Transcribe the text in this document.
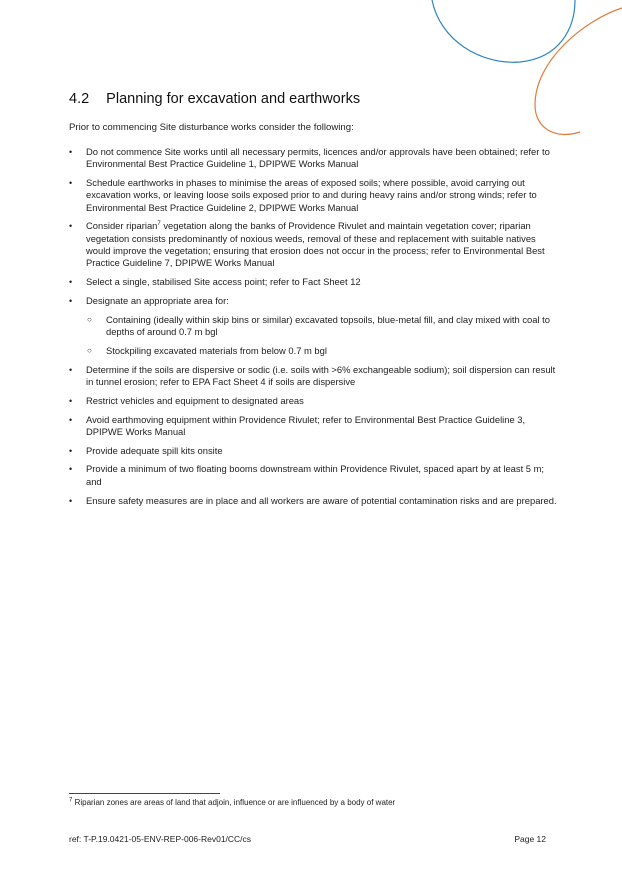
4.2 Planning for excavation and earthworks
Prior to commencing Site disturbance works consider the following:
•	Do not commence Site works until all necessary permits, licences and/or approvals have been obtained; refer to Environmental Best Practice Guideline 1, DPIPWE Works Manual
•	Schedule earthworks in phases to minimise the areas of exposed soils; where possible, avoid carrying out excavation works, or leaving loose soils exposed prior to and during heavy rains and/or strong winds; refer to Environmental Best Practice Guideline 2, DPIPWE Works Manual
•	Consider riparian$^7$ vegetation along the banks of Providence Rivulet and maintain vegetation cover; riparian vegetation consists predominantly of noxious weeds, removal of these and replacement with suitable natives would improve the vegetation; ensuring that erosion does not occur in the process; refer to Environmental Best Practice Guideline 7, DPIPWE Works Manual
•	Select a single, stabilised Site access point; refer to Fact Sheet 12
•	Designate an appropriate area for:
○	Containing (ideally within skip bins or similar) excavated topsoils, blue-metal fill, and clay mixed with coal to depths of around 0.7 m bgl
○	Stockpiling excavated materials from below 0.7 m bgl
•	Determine if the soils are dispersive or sodic (i.e. soils with >6% exchangeable sodium); soil dispersion can result in tunnel erosion; refer to EPA Fact Sheet 4 if soils are dispersive
•	Restrict vehicles and equipment to designated areas
•	Avoid earthmoving equipment within Providence Rivulet; refer to Environmental Best Practice Guideline 3, DPIPWE Works Manual
•	Provide adequate spill kits onsite
•	Provide a minimum of two floating booms downstream within Providence Rivulet, spaced apart by at least 5 m; and
•	Ensure safety measures are in place and all workers are aware of potential contamination risks and are prepared.
$^7$ Riparian zones are areas of land that adjoin, influence or are influenced by a body of water
ref: T-P.19.0421-05-ENV-REP-006-Rev01/CC/cs	Page 12
